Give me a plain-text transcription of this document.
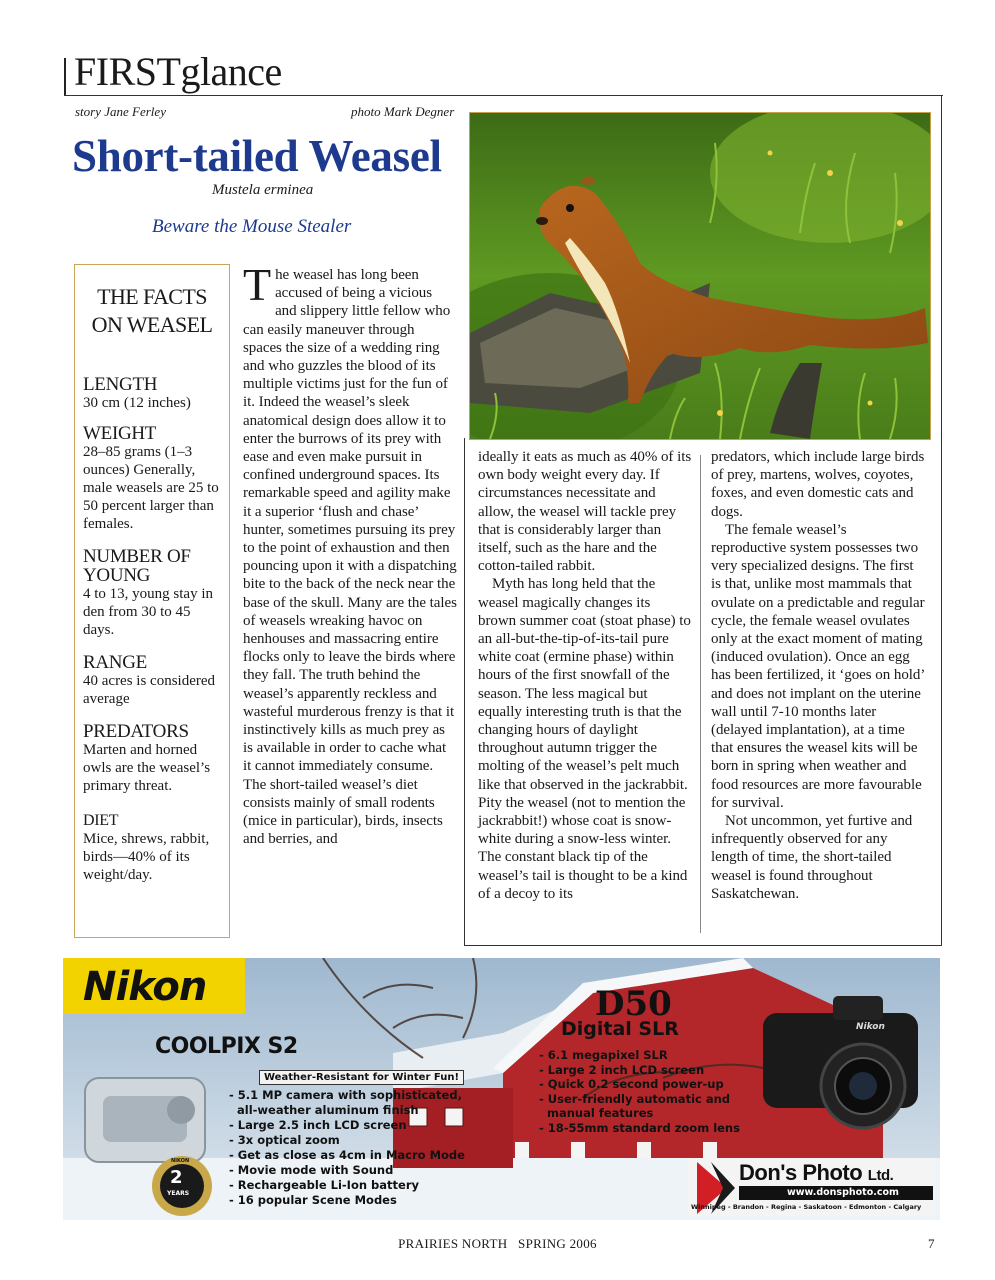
FIRSTglance
story Jane Ferley	photo Mark Degner
Short-tailed Weasel
Mustela erminea
Beware the Mouse Stealer
THE FACTS
ON WEASEL
LENGTH
30 cm (12 inches)
WEIGHT
28–85 grams (1–3 ounces) Generally, male weasels are 25 to 50 percent larger than females.
NUMBER OF YOUNG
4 to 13, young stay in den from 30 to 45 days.
RANGE
40 acres is considered average
PREDATORS
Marten and horned owls are the weasel’s primary threat.
DIET
Mice, shrews, rabbit, birds—40% of its weight/day.

The weasel has long been accused of being a vicious and slippery little fellow who can easily maneuver through spaces the size of a wedding ring and who guzzles the blood of its multiple victims just for the fun of it. Indeed the weasel’s sleek anatomical design does allow it to enter the burrows of its prey with ease and even make pursuit in confined underground spaces. Its remarkable speed and agility make it a superior ‘flush and chase’ hunter, sometimes pursuing its prey to the point of exhaustion and then pouncing upon it with a dispatching bite to the back of the neck near the base of the skull. Many are the tales of weasels wreaking havoc on henhouses and massacring entire flocks only to leave the birds where they fall. The truth behind the weasel’s apparently reckless and wasteful murderous frenzy is that it instinctively kills as much prey as is available in order to cache what it cannot immediately consume. The short-tailed weasel’s diet consists mainly of small rodents (mice in particular), birds, insects and berries, and

ideally it eats as much as 40% of its own body weight every day. If circumstances necessitate and allow, the weasel will tackle prey that is considerably larger than itself, such as the hare and the cotton-tailed rabbit.

Myth has long held that the weasel magically changes its brown summer coat (stoat phase) to an all-but-the-tip-of-its-tail pure white coat (ermine phase) within hours of the first snowfall of the season. The less magical but equally interesting truth is that the changing hours of daylight throughout autumn trigger the molting of the weasel’s pelt much like that observed in the jackrabbit.

Pity the weasel (not to mention the jackrabbit!) whose coat is snow-white during a snow-less winter. The constant black tip of the weasel’s tail is thought to be a kind of a decoy to its

predators, which include large birds of prey, martens, wolves, coyotes, foxes, and even domestic cats and dogs.

The female weasel’s reproductive system possesses two very specialized designs. The first is that, unlike most mammals that ovulate on a predictable and regular cycle, the female weasel ovulates only at the exact moment of mating (induced ovulation). Once an egg has been fertilized, it ‘goes on hold’ and does not implant on the uterine wall until 7-10 months later (delayed implantation), at a time that ensures the weasel kits will be born in spring when weather and food resources are more favourable for survival.

Not uncommon, yet furtive and infrequently observed for any length of time, the short-tailed weasel is found throughout Saskatchewan.

Nikon
COOLPIX S2
Weather-Resistant for Winter Fun!
- 5.1 MP camera with sophisticated,
all-weather aluminum finish
- Large 2.5 inch LCD screen
- 3x optical zoom
- Get as close as 4cm in Macro Mode
- Movie mode with Sound
- Rechargeable Li-Ion battery
- 16 popular Scene Modes
2
YEARS
NIKON
D50
Digital SLR
- 6.1 megapixel SLR
- Large 2 inch LCD screen
- Quick 0.2 second power-up
- User-friendly automatic and
manual features
- 18-55mm standard zoom lens
Nikon
Don's Photo Ltd.
www.donsphoto.com
Winnipeg - Brandon - Regina - Saskatoon - Edmonton - Calgary
PRAIRIES NORTH   SPRING 2006	7
